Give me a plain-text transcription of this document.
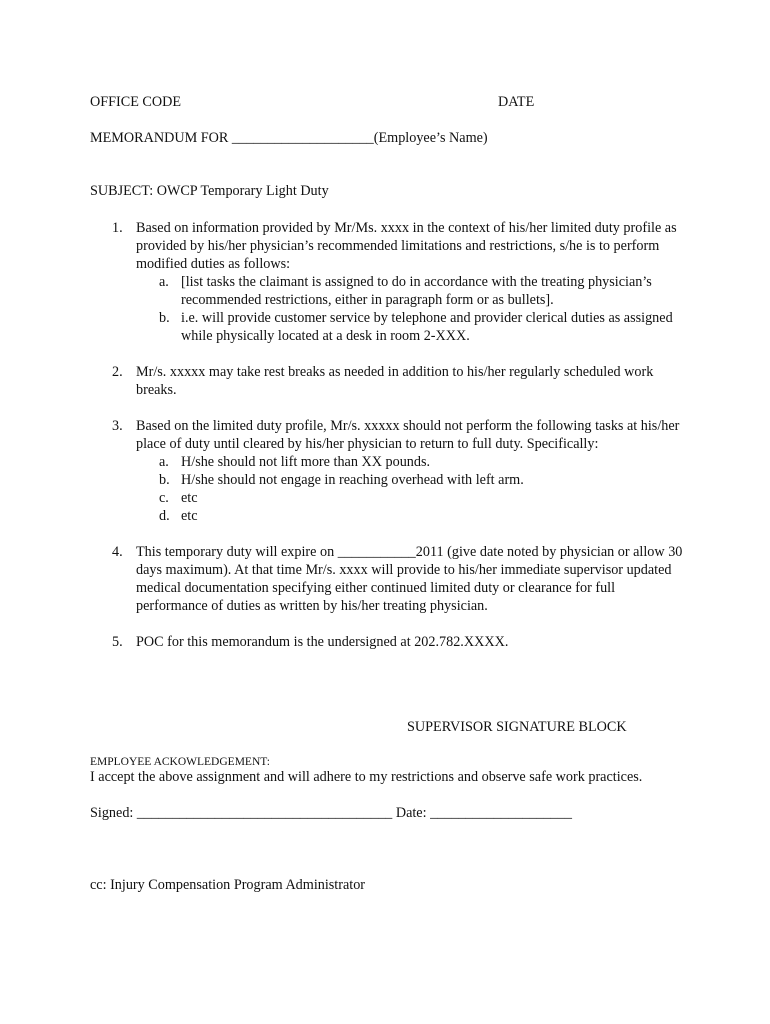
OFFICE CODE	DATE
MEMORANDUM FOR ____________________(Employee’s Name)
SUBJECT: OWCP Temporary Light Duty
1. Based on information provided by Mr/Ms. xxxx in the context of his/her limited duty profile as provided by his/her physician’s recommended limitations and restrictions, s/he is to perform modified duties as follows:

a. [list tasks the claimant is assigned to do in accordance with the treating physician’s recommended restrictions, either in paragraph form or as bullets].
b. i.e. will provide customer service by telephone and provider clerical duties as assigned while physically located at a desk in room 2-XXX.
2. Mr/s. xxxxx may take rest breaks as needed in addition to his/her regularly scheduled work breaks.

3. Based on the limited duty profile, Mr/s. xxxxx should not perform the following tasks at his/her place of duty until cleared by his/her physician to return to full duty. Specifically:

a. H/she should not lift more than XX pounds.
b. H/she should not engage in reaching overhead with left arm.
c. etc
d. etc
4. This temporary duty will expire on ___________2011 (give date noted by physician or allow 30 days maximum). At that time Mr/s. xxxx will provide to his/her immediate supervisor updated medical documentation specifying either continued limited duty or clearance for full performance of duties as written by his/her treating physician.

5. POC for this memorandum is the undersigned at 202.782.XXXX.

SUPERVISOR SIGNATURE BLOCK
EMPLOYEE ACKOWLEDGEMENT:
I accept the above assignment and will adhere to my restrictions and observe safe work practices.
Signed: ____________________________________ Date: ____________________
cc: Injury Compensation Program Administrator
